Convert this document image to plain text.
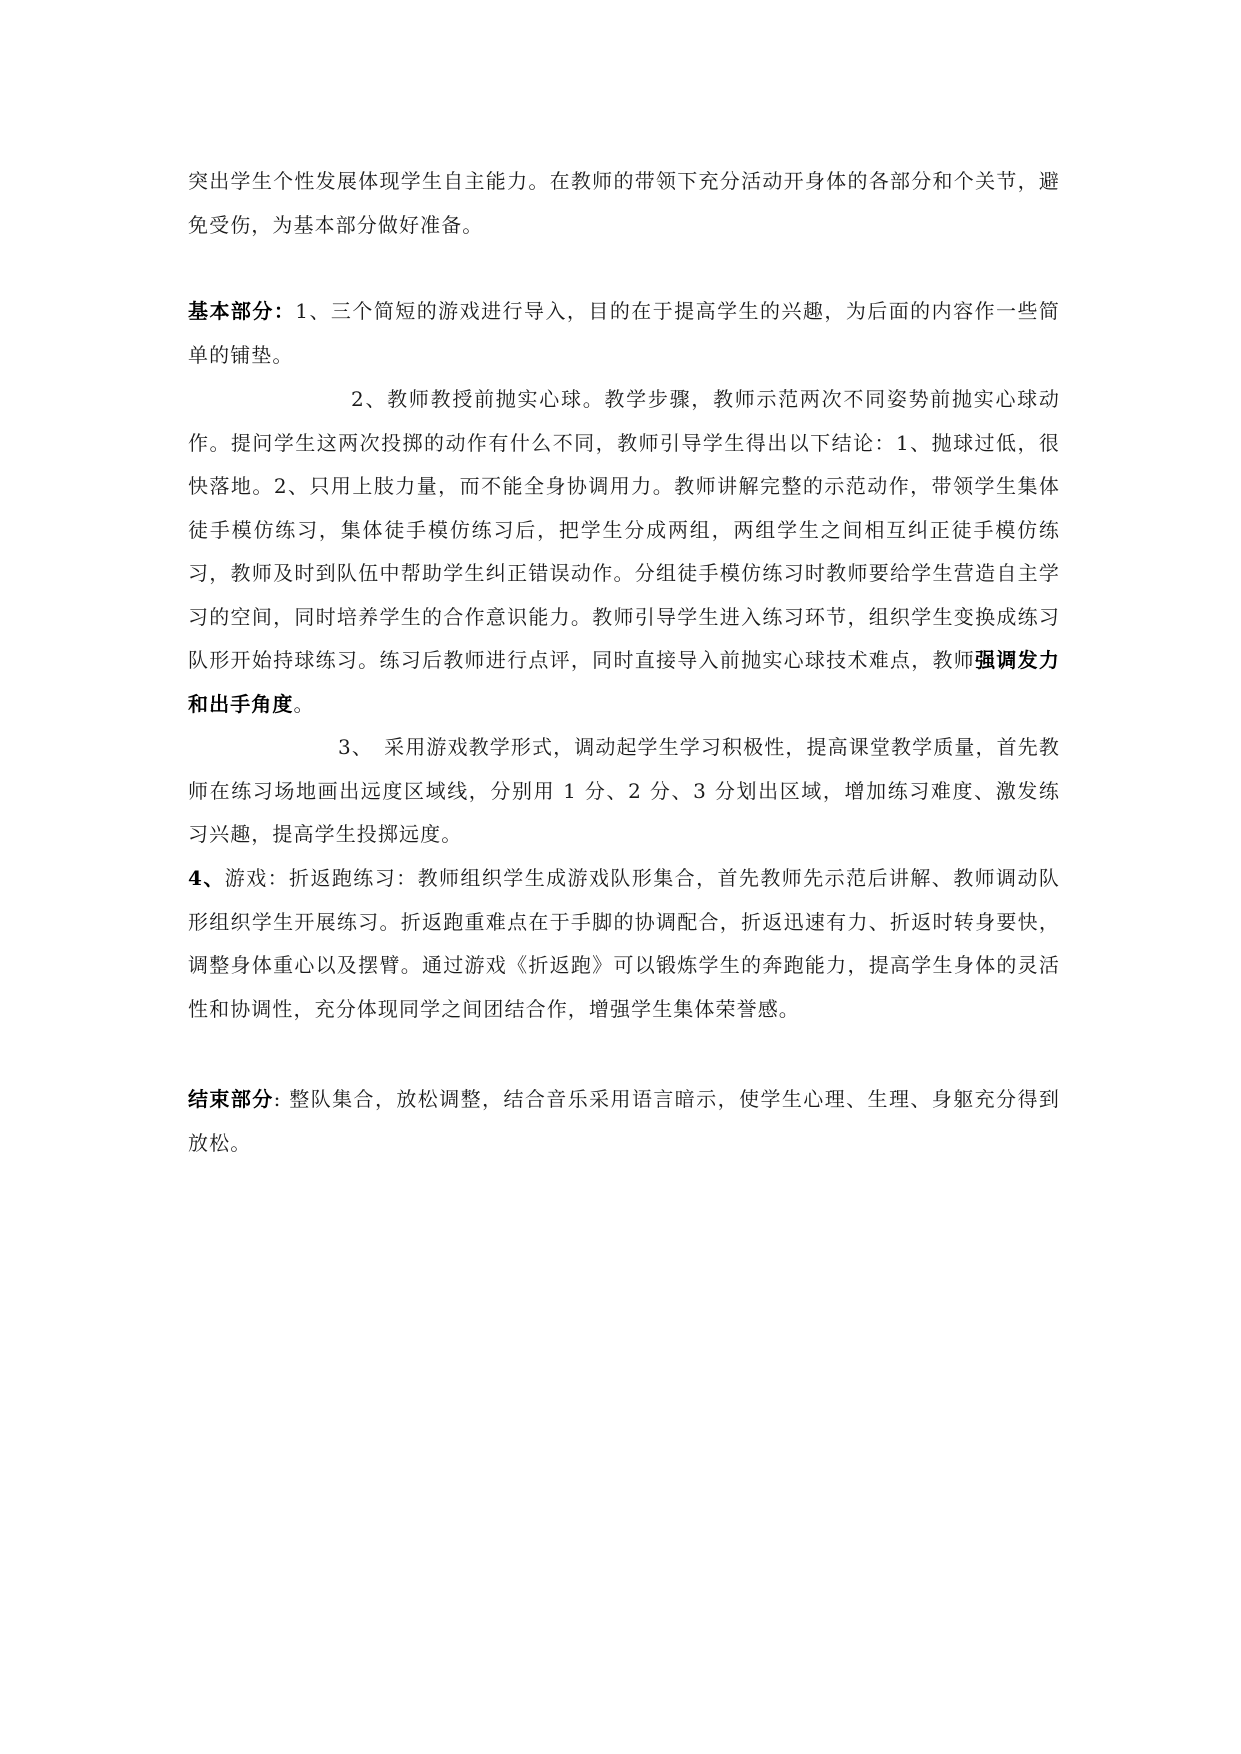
突出学生个性发展体现学生自主能力。在教师的带领下充分活动开身体的各部分和个关节，避免受伤，为基本部分做好准备。

基本部分：1、三个简短的游戏进行导入，目的在于提高学生的兴趣，为后面的内容作一些简单的铺垫。

2、教师教授前抛实心球。教学步骤，教师示范两次不同姿势前抛实心球动作。提问学生这两次投掷的动作有什么不同，教师引导学生得出以下结论：1、抛球过低，很快落地。2、只用上肢力量，而不能全身协调用力。教师讲解完整的示范动作，带领学生集体徒手模仿练习，集体徒手模仿练习后，把学生分成两组，两组学生之间相互纠正徒手模仿练习，教师及时到队伍中帮助学生纠正错误动作。分组徒手模仿练习时教师要给学生营造自主学习的空间，同时培养学生的合作意识能力。教师引导学生进入练习环节，组织学生变换成练习队形开始持球练习。练习后教师进行点评，同时直接导入前抛实心球技术难点，教师强调发力和出手角度。

3、　采用游戏教学形式，调动起学生学习积极性，提高课堂教学质量，首先教师在练习场地画出远度区域线，分别用 1 分、2 分、3 分划出区域，增加练习难度、激发练习兴趣，提高学生投掷远度。

4、游戏：折返跑练习：教师组织学生成游戏队形集合，首先教师先示范后讲解、教师调动队形组织学生开展练习。折返跑重难点在于手脚的协调配合，折返迅速有力、折返时转身要快，调整身体重心以及摆臂。通过游戏《折返跑》可以锻炼学生的奔跑能力，提高学生身体的灵活性和协调性，充分体现同学之间团结合作，增强学生集体荣誉感。

结束部分: 整队集合，放松调整，结合音乐采用语言暗示，使学生心理、生理、身躯充分得到放松。
